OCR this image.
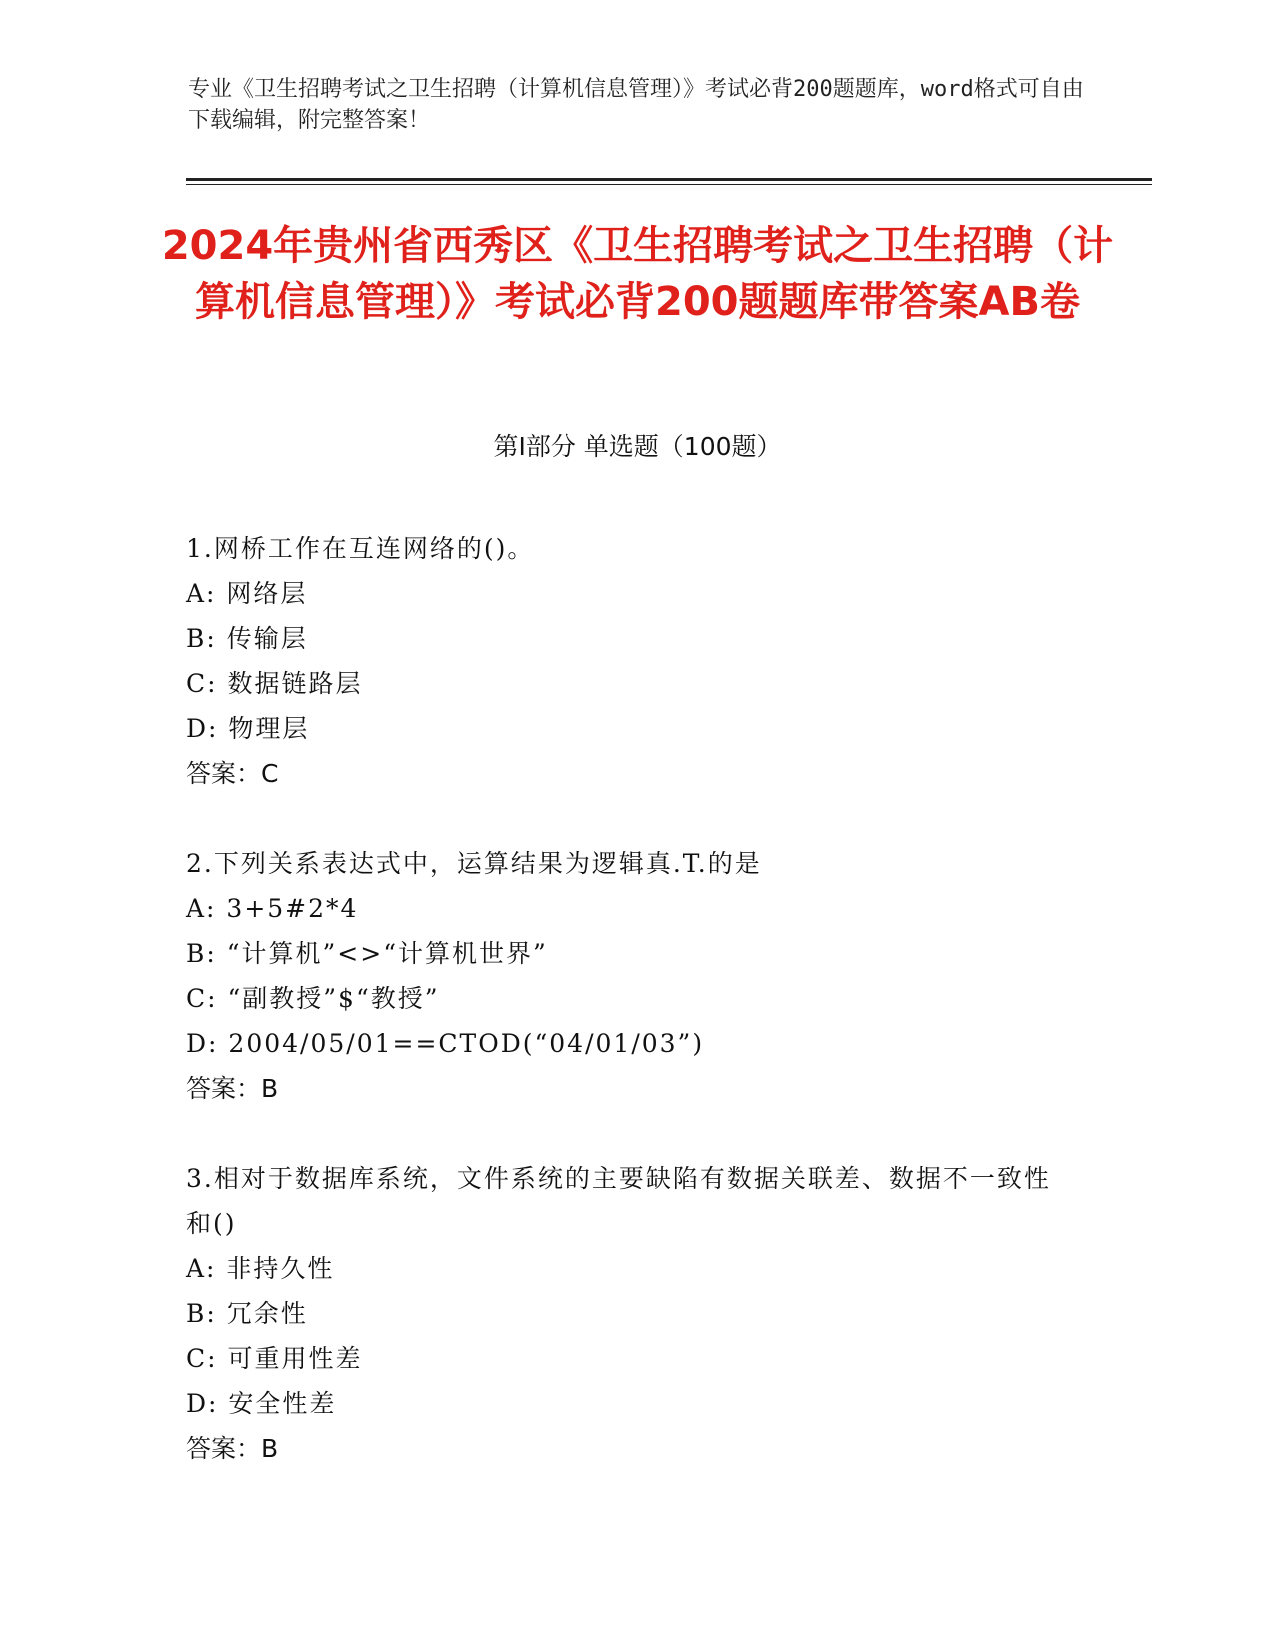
专业《卫生招聘考试之卫生招聘（计算机信息管理）》考试必背200题题库，word格式可自由下载编辑，附完整答案！
2024年贵州省西秀区《卫生招聘考试之卫生招聘（计算机信息管理）》考试必背200题题库带答案AB卷
第I部分 单选题（100题）
1.网桥工作在互连网络的()。
A: 网络层
B: 传输层
C: 数据链路层
D: 物理层
答案：C
2.下列关系表达式中，运算结果为逻辑真.T.的是
A: 3+5#2*4
B: “计算机”<>“计算机世界”
C: “副教授”$“教授”
D: 2004/05/01==CTOD(“04/01/03”)
答案：B
3.相对于数据库系统，文件系统的主要缺陷有数据关联差、数据不一致性和()
A: 非持久性
B: 冗余性
C: 可重用性差
D: 安全性差
答案：B
